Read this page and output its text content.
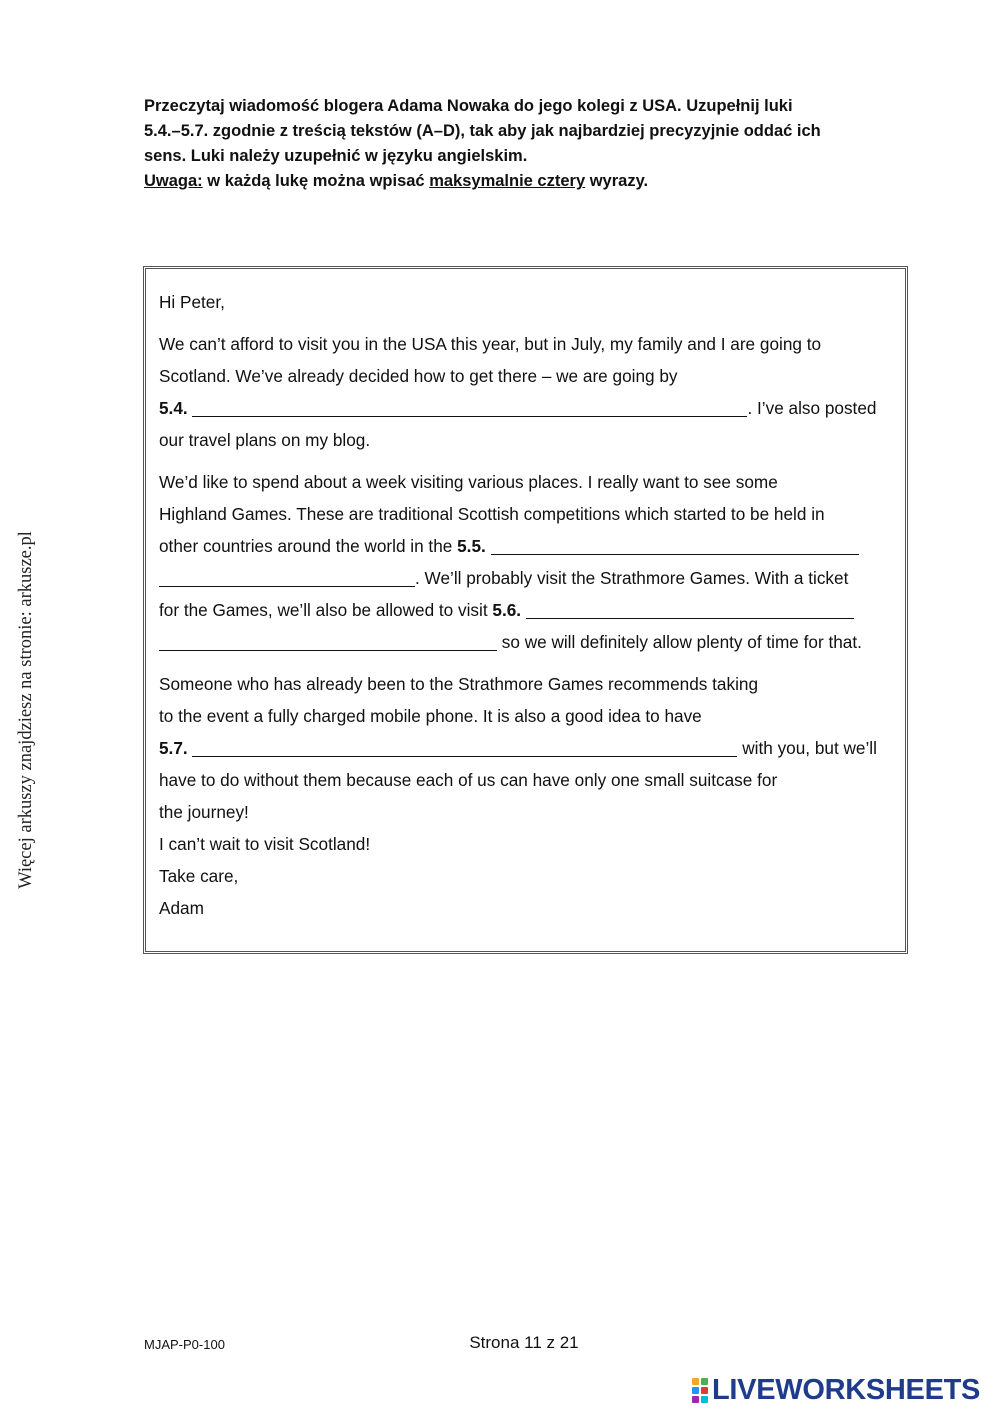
Przeczytaj wiadomość blogera Adama Nowaka do jego kolegi z USA. Uzupełnij luki

5.4.–5.7. zgodnie z treścią tekstów (A–D), tak aby jak najbardziej precyzyjnie oddać ich

sens. Luki należy uzupełnić w języku angielskim.

Uwaga: w każdą lukę można wpisać maksymalnie cztery wyrazy.

Więcej arkuszy znajdziesz na stronie: arkusze.pl
Hi Peter,
We can’t afford to visit you in the USA this year, but in July, my family and I are going to
Scotland. We’ve already decided how to get there – we are going by
5.4.	. I’ve also posted
our travel plans on my blog.
We’d like to spend about a week visiting various places. I really want to see some
Highland Games. These are traditional Scottish competitions which started to be held in
other countries around the world in the 5.5.
. We’ll probably visit the Strathmore Games. With a ticket
for the Games, we’ll also be allowed to visit 5.6.
so we will definitely allow plenty of time for that.
Someone who has already been to the Strathmore Games recommends taking
to the event a fully charged mobile phone. It is also a good idea to have
5.7.	with you, but we’ll
have to do without them because each of us can have only one small suitcase for
the journey!
I can’t wait to visit Scotland!
Take care,
Adam
MJAP-P0-100	Strona 11 z 21
LIVEWORKSHEETS
